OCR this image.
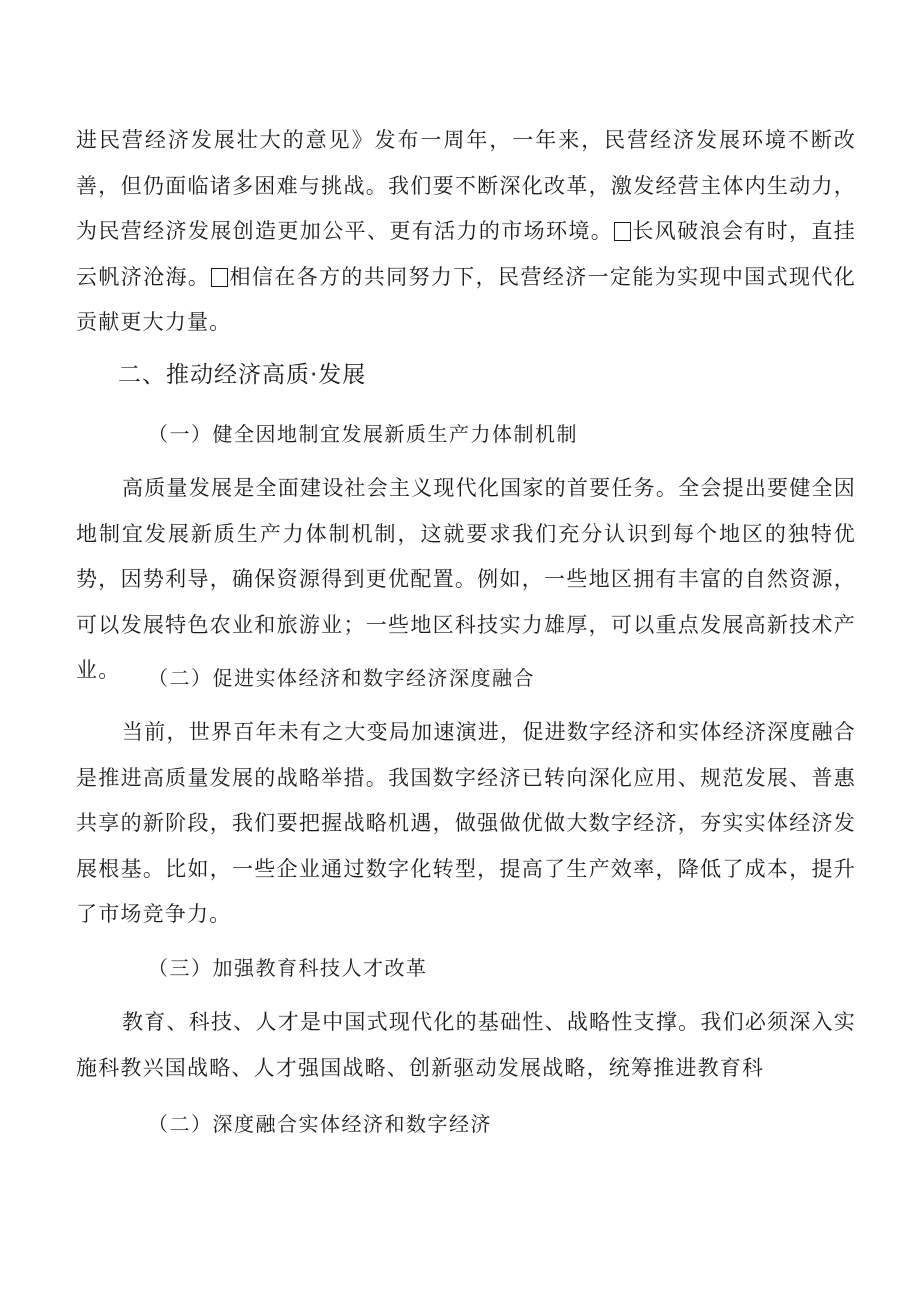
进民营经济发展壮大的意见》发布一周年，一年来，民营经济发展环境不断改善，但仍面临诸多困难与挑战。我们要不断深化改革，激发经营主体内生动力，为民营经济发展创造更加公平、更有活力的市场环境。 长风破浪会有时，直挂云帆济沧海。 相信在各方的共同努力下，民营经济一定能为实现中国式现代化贡献更大力量。

二、推动经济高质·发展
（一）健全因地制宜发展新质生产力体制机制

高质量发展是全面建设社会主义现代化国家的首要任务。全会提出要健全因地制宜发展新质生产力体制机制，这就要求我们充分认识到每个地区的独特优势，因势利导，确保资源得到更优配置。例如，一些地区拥有丰富的自然资源，可以发展特色农业和旅游业；一些地区科技实力雄厚，可以重点发展高新技术产业。	（二）促进实体经济和数字经济深度融合

当前，世界百年未有之大变局加速演进，促进数字经济和实体经济深度融合是推进高质量发展的战略举措。我国数字经济已转向深化应用、规范发展、普惠共享的新阶段，我们要把握战略机遇，做强做优做大数字经济，夯实实体经济发展根基。比如，一些企业通过数字化转型，提高了生产效率，降低了成本，提升了市场竞争力。

（三）加强教育科技人才改革

教育、科技、人才是中国式现代化的基础性、战略性支撑。我们必须深入实施科教兴国战略、人才强国战略、创新驱动发展战略，统筹推进教育科

（二）深度融合实体经济和数字经济
